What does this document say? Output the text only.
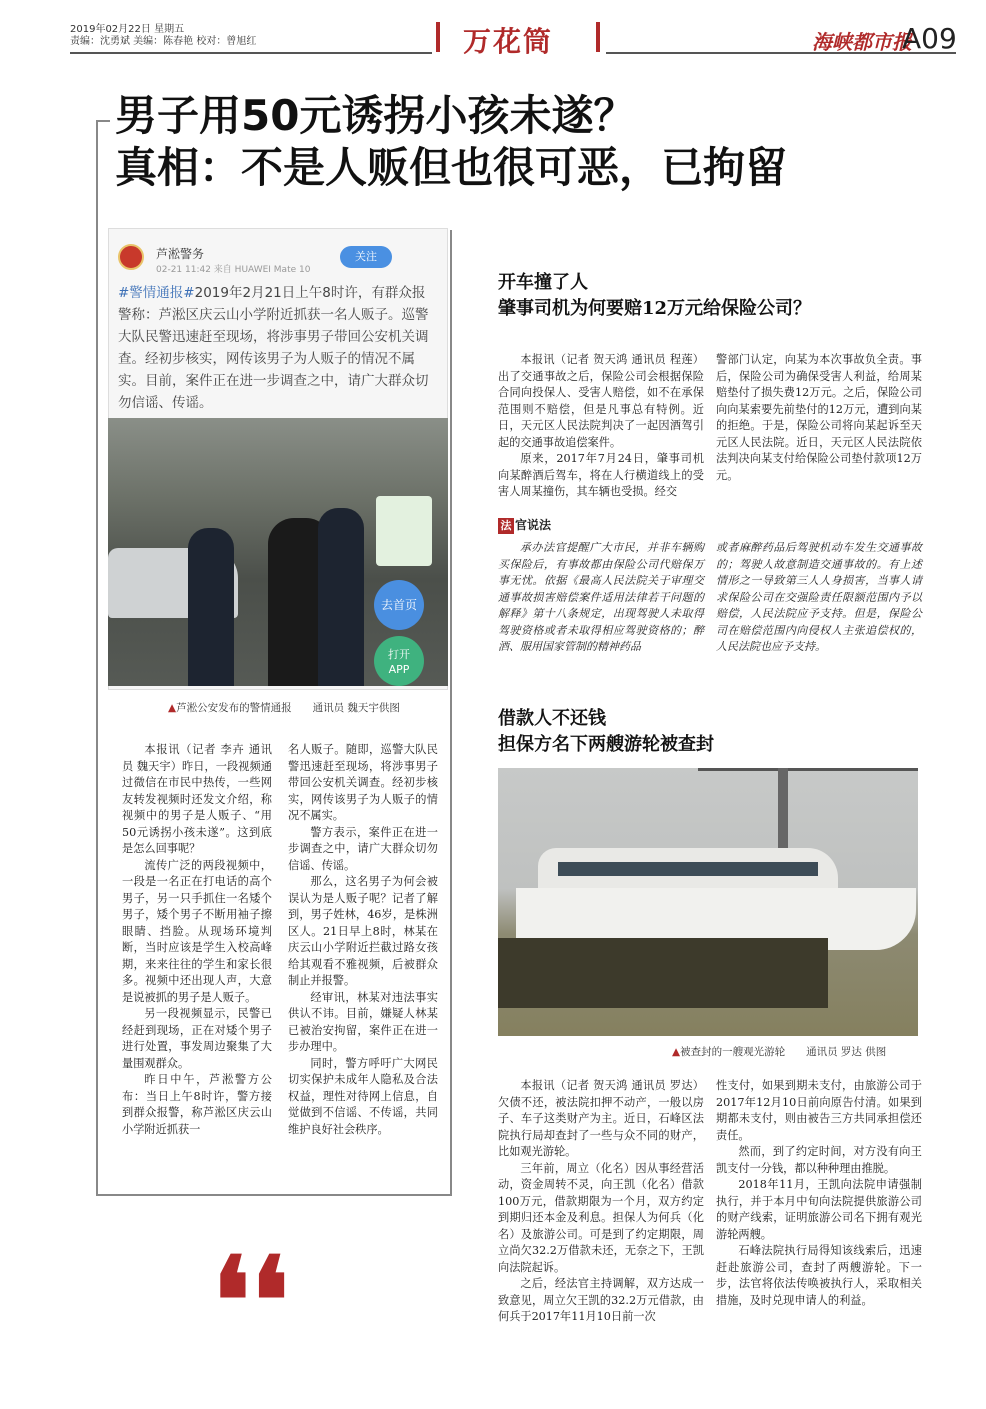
2019年02月22日 星期五
责编：沈勇斌 美编：陈春艳 校对：曾旭红	万花筒	海峡都市报
A09
男子用50元诱拐小孩未遂？
真相：不是人贩但也很可恶，已拘留
芦淞警务
02-21 11:42 来自 HUAWEI Mate 10
关注
#警情通报#2019年2月21日上午8时许，有群众报警称：芦淞区庆云山小学附近抓获一名人贩子。巡警大队民警迅速赶至现场，将涉事男子带回公安机关调查。经初步核实，网传该男子为人贩子的情况不属实。目前，案件正在进一步调查之中，请广大群众切勿信谣、传谣。
去首页
打开
APP
▲芦淞公安发布的警情通报　　通讯员 魏天宇供图

本报讯（记者 李卉 通讯员 魏天宇）昨日，一段视频通过微信在市民中热传，一些网友转发视频时还发文介绍，称视频中的男子是人贩子、“用50元诱拐小孩未遂”。这到底是怎么回事呢？

流传广泛的两段视频中，一段是一名正在打电话的高个男子，另一只手抓住一名矮个男子，矮个男子不断用袖子擦眼睛、挡脸。从现场环境判断，当时应该是学生入校高峰期，来来往往的学生和家长很多。视频中还出现人声，大意是说被抓的男子是人贩子。

另一段视频显示，民警已经赶到现场，正在对矮个男子进行处置，事发周边聚集了大量围观群众。

昨日中午，芦淞警方公布：当日上午8时许，警方接到群众报警，称芦淞区庆云山小学附近抓获一

名人贩子。随即，巡警大队民警迅速赶至现场，将涉事男子带回公安机关调查。经初步核实，网传该男子为人贩子的情况不属实。

警方表示，案件正在进一步调查之中，请广大群众切勿信谣、传谣。

那么，这名男子为何会被误认为是人贩子呢？记者了解到，男子姓林，46岁，是株洲区人。21日早上8时，林某在庆云山小学附近拦截过路女孩给其观看不雅视频，后被群众制止并报警。

经审讯，林某对违法事实供认不讳。目前，嫌疑人林某已被治安拘留，案件正在进一步办理中。

同时，警方呼吁广大网民切实保护未成年人隐私及合法权益，理性对待网上信息，自觉做到不信谣、不传谣，共同维护良好社会秩序。

开车撞了人
肇事司机为何要赔12万元给保险公司？

本报讯（记者 贺天鸿 通讯员 程莲）出了交通事故之后，保险公司会根据保险合同向投保人、受害人赔偿，如不在承保范围则不赔偿，但是凡事总有特例。近日，天元区人民法院判决了一起因酒驾引起的交通事故追偿案件。

原来，2017年7月24日，肇事司机向某醉酒后驾车，将在人行横道线上的受害人周某撞伤，其车辆也受损。经交

警部门认定，向某为本次事故负全责。事后，保险公司为确保受害人利益，给周某赔垫付了损失费12万元。之后，保险公司向向某索要先前垫付的12万元，遭到向某的拒绝。于是，保险公司将向某起诉至天元区人民法院。近日，天元区人民法院依法判决向某支付给保险公司垫付款项12万元。

法 官说法

承办法官提醒广大市民，并非车辆购买保险后，有事故都由保险公司代赔保万事无忧。依据《最高人民法院关于审理交通事故损害赔偿案件适用法律若干问题的解释》第十八条规定，出现驾驶人未取得驾驶资格或者未取得相应驾驶资格的；醉酒、服用国家管制的精神药品

或者麻醉药品后驾驶机动车发生交通事故的；驾驶人故意制造交通事故的。有上述情形之一导致第三人人身损害，当事人请求保险公司在交强险责任限额范围内予以赔偿，人民法院应予支持。但是，保险公司在赔偿范围内向侵权人主张追偿权的，人民法院也应予支持。

借款人不还钱
担保方名下两艘游轮被查封
▲被查封的一艘观光游轮　　通讯员 罗达 供图

本报讯（记者 贺天鸿 通讯员 罗达）欠债不还，被法院扣押不动产，一般以房子、车子这类财产为主。近日，石峰区法院执行局却查封了一些与众不同的财产，比如观光游轮。

三年前，周立（化名）因从事经营活动，资金周转不灵，向王凯（化名）借款100万元，借款期限为一个月，双方约定到期归还本金及利息。担保人为何兵（化名）及旅游公司。可是到了约定期限，周立尚欠32.2万借款未还，无奈之下，王凯向法院起诉。

之后，经法官主持调解，双方达成一致意见，周立欠王凯的32.2万元借款，由何兵于2017年11月10日前一次

性支付，如果到期未支付，由旅游公司于2017年12月10日前向原告付清。如果到期都未支付，则由被告三方共同承担偿还责任。

然而，到了约定时间，对方没有向王凯支付一分钱，都以种种理由推脱。

2018年11月，王凯向法院申请强制执行，并于本月中旬向法院提供旅游公司的财产线索，证明旅游公司名下拥有观光游轮两艘。

石峰法院执行局得知该线索后，迅速赶赴旅游公司，查封了两艘游轮。下一步，法官将依法传唤被执行人，采取相关措施，及时兑现申请人的利益。

❛❛
